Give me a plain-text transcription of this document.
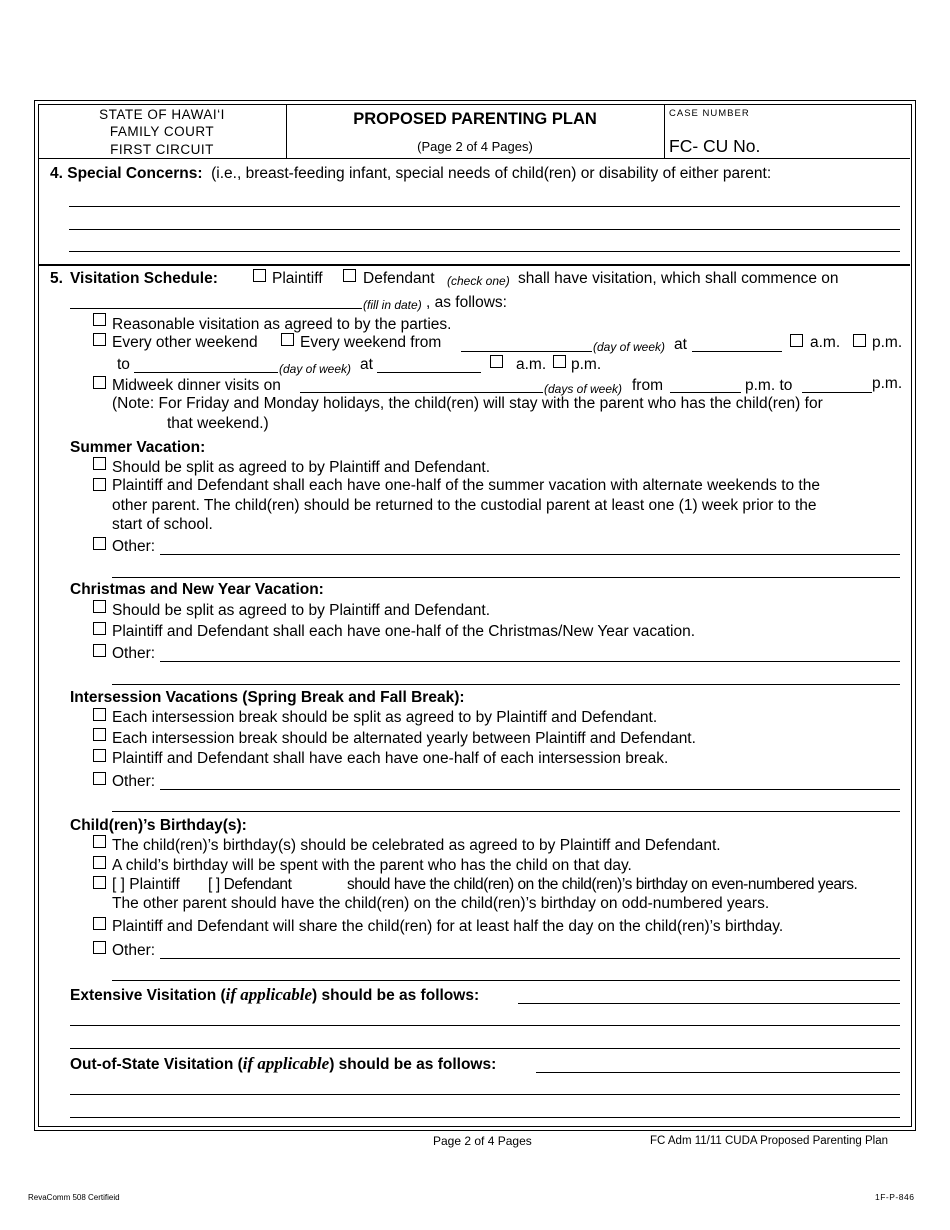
STATE OF HAWAI‘I
FAMILY COURT
FIRST CIRCUIT
PROPOSED PARENTING PLAN
(Page 2 of 4 Pages)
CASE NUMBER
FC- CU No.
4. Special Concerns: (i.e., breast-feeding infant, special needs of child(ren) or disability of either parent:
5. Visitation Schedule:	Plaintiff	Defendant (check one) shall have visitation, which shall commence on
(fill in date) , as follows:
Reasonable visitation as agreed to by the parties.
Every other weekend	Every weekend from	(day of week) at	a.m. p.m.
to	(day of week) at	a.m. p.m.
Midweek dinner visits on	(days of week) from	p.m. to	p.m.
(Note: For Friday and Monday holidays, the child(ren) will stay with the parent who has the child(ren) for
that weekend.)
Summer Vacation:
Should be split as agreed to by Plaintiff and Defendant.
Plaintiff and Defendant shall each have one-half of the summer vacation with alternate weekends to the
other parent. The child(ren) should be returned to the custodial parent at least one (1) week prior to the
start of school.
Other:
Christmas and New Year Vacation:
Should be split as agreed to by Plaintiff and Defendant.
Plaintiff and Defendant shall each have one-half of the Christmas/New Year vacation.
Other:
Intersession Vacations (Spring Break and Fall Break):
Each intersession break should be split as agreed to by Plaintiff and Defendant.
Each intersession break should be alternated yearly between Plaintiff and Defendant.
Plaintiff and Defendant shall have each have one-half of each intersession break.
Other:
Child(ren)’s Birthday(s):
The child(ren)’s birthday(s) should be celebrated as agreed to by Plaintiff and Defendant.
A child’s birthday will be spent with the parent who has the child on that day.
[ ] Plaintiff [ ] Defendant	should have the child(ren) on the child(ren)’s birthday on even-numbered years.
The other parent should have the child(ren) on the child(ren)’s birthday on odd-numbered years.
Plaintiff and Defendant will share the child(ren) for at least half the day on the child(ren)’s birthday.
Other:
Extensive Visitation (if applicable) should be as follows:
Out-of-State Visitation (if applicable) should be as follows:
Page 2 of 4 Pages	FC Adm 11/11 CUDA Proposed Parenting Plan
RevaComm 508 Certifieid	1F-P-846
